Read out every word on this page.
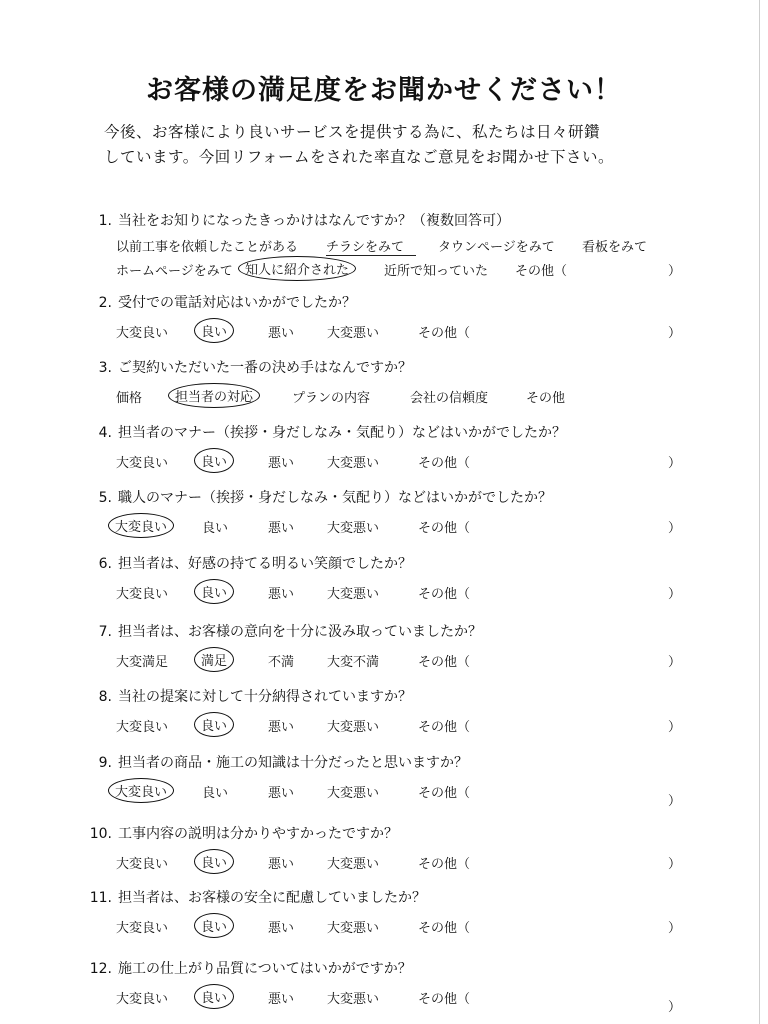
お客様の満足度をお聞かせください！
今後、お客様により良いサービスを提供する為に、私たちは日々研鑽
しています。今回リフォームをされた率直なご意見をお聞かせ下さい。
1. 当社をお知りになったきっかけはなんですか？（複数回答可）
以前工事を依頼したことがある チラシをみて	タウンページをみて 看板をみて
ホームページをみて 知人に紹介された	近所で知っていた その他（	）
2. 受付での電話対応はいかがでしたか？
大変良い	良い	悪い	大変悪い	その他（	）
3. ご契約いただいた一番の決め手はなんですか？
価格	担当者の対応	プランの内容	会社の信頼度	その他
4. 担当者のマナー（挨拶・身だしなみ・気配り）などはいかがでしたか？
大変良い	良い	悪い	大変悪い	その他（	）
5. 職人のマナー（挨拶・身だしなみ・気配り）などはいかがでしたか？
大変良い	良い	悪い	大変悪い	その他（	）
6. 担当者は、好感の持てる明るい笑顔でしたか？
大変良い	良い	悪い	大変悪い	その他（	）
7. 担当者は、お客様の意向を十分に汲み取っていましたか？
大変満足	満足	不満	大変不満	その他（	）
8. 当社の提案に対して十分納得されていますか？
大変良い	良い	悪い	大変悪い	その他（	）
9. 担当者の商品・施工の知識は十分だったと思いますか？
大変良い	良い	悪い	大変悪い	その他（
）
10. 工事内容の説明は分かりやすかったですか？
大変良い	良い	悪い	大変悪い	その他（	）
11. 担当者は、お客様の安全に配慮していましたか？
大変良い	良い	悪い	大変悪い	その他（	）
12. 施工の仕上がり品質についてはいかがですか？
大変良い	良い	悪い	大変悪い	その他（
）
